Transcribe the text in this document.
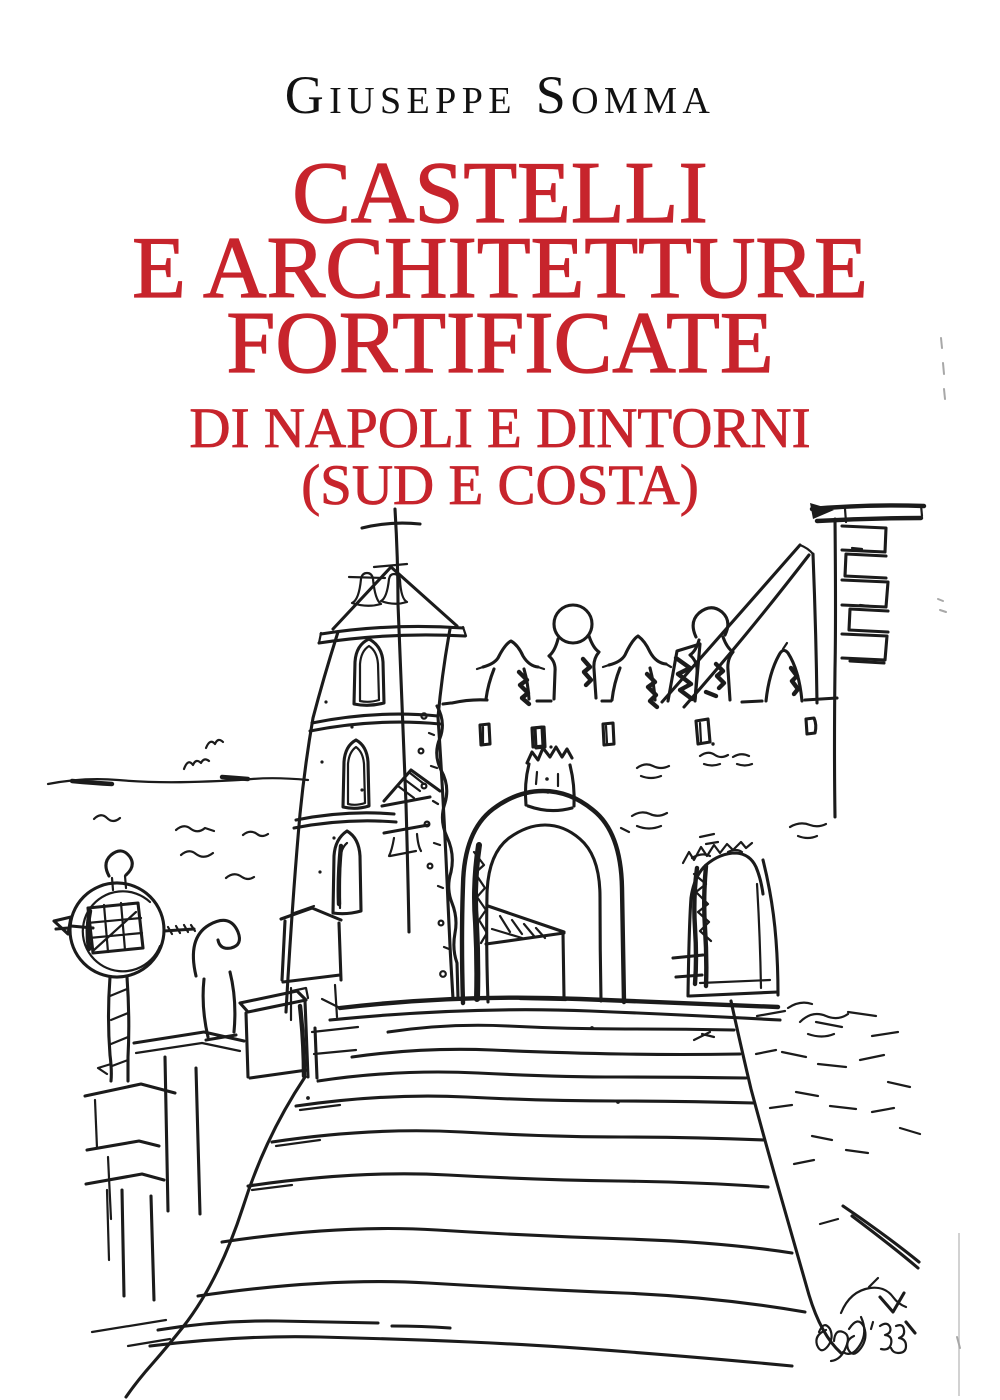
Giuseppe Somma
CASTELLI
E ARCHITETTURE
FORTIFICATE
DI NAPOLI E DINTORNI
(SUD E COSTA)
